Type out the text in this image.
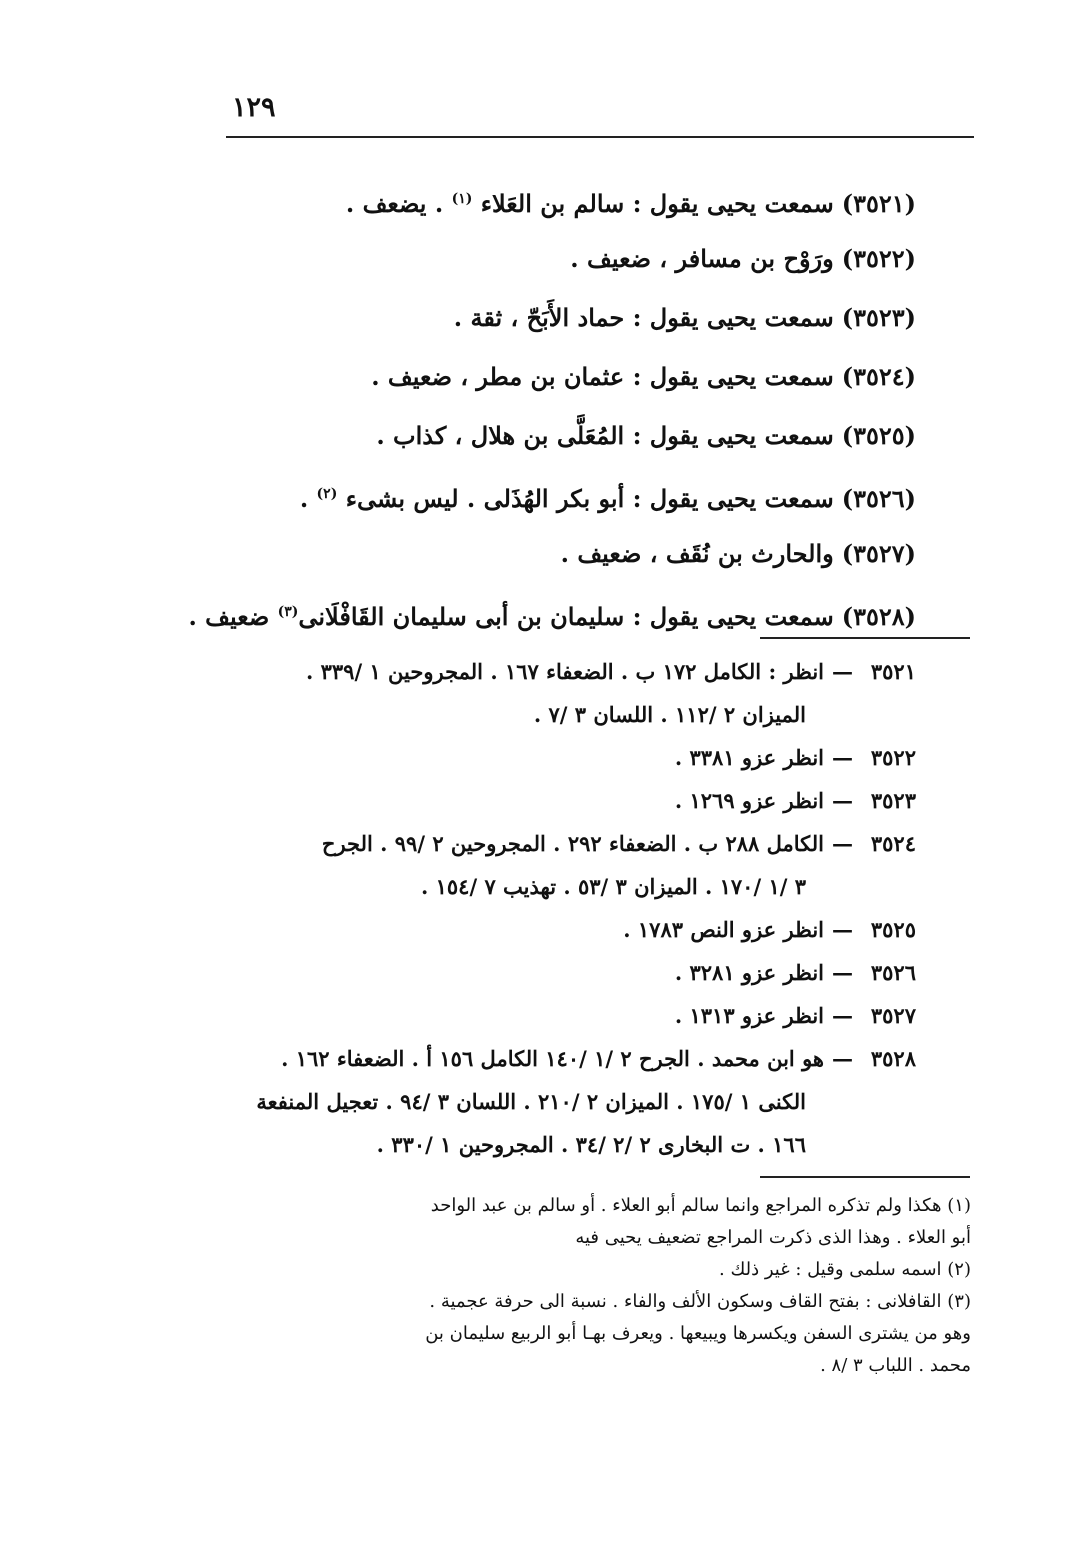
١٢٩
(٣٥٢١)سمعت يحيى يقول : سالم بن العَلاء $^{(١)}$ . يضعف .
(٣٥٢٢)ورَوْح بن مسافر ، ضعيف .
(٣٥٢٣)سمعت يحيى يقول : حماد الأَبَحّ ، ثقة .
(٣٥٢٤)سمعت يحيى يقول : عثمان بن مطر ، ضعيف .
(٣٥٢٥)سمعت يحيى يقول : المُعَلَّى بن هلال ، كذاب .
(٣٥٢٦)سمعت يحيى يقول : أبو بكر الهُذَلى . ليس بشىء $^{(٢)}$ .
(٣٥٢٧)والحارث بن نُقَف ، ضعيف .
(٣٥٢٨)سمعت يحيى يقول : سليمان بن أبى سليمان القَافْلَانى$^{(٣)}$ ضعيف .
٣٥٢١—انظر : الكامل ١٧٢ ب . الضعفاء ١٦٧ . المجروحين ١ /٣٣٩ .
الميزان ٢ /١١٢ . اللسان ٣ /٧ .
٣٥٢٢—انظر عزو ٣٣٨١ .
٣٥٢٣—انظر عزو ١٢٦٩ .
٣٥٢٤—الكامل ٢٨٨ ب . الضعفاء ٢٩٢ . المجروحين ٢ /٩٩ . الجرح
٣ /١ /١٧٠ . الميزان ٣ /٥٣ . تهذيب ٧ /١٥٤ .
٣٥٢٥—انظر عزو النص ١٧٨٣ .
٣٥٢٦—انظر عزو ٣٢٨١ .
٣٥٢٧—انظر عزو ١٣١٣ .
٣٥٢٨—هو ابن محمد . الجرح ٢ /١ /١٤٠ الكامل ١٥٦ أ . الضعفاء ١٦٢ .
الكنى ١ /١٧٥ . الميزان ٢ /٢١٠ . اللسان ٣ /٩٤ . تعجيل المنفعة
١٦٦ . ت البخارى ٢ /٢ /٣٤ . المجروحين ١ /٣٣٠ .
(١) هكذا ولم تذكره المراجع وانما سالم أبو العلاء . أو سالم بن عبد الواحد
أبو العلاء . وهذا الذى ذكرت المراجع تضعيف يحيى فيه
(٢) اسمه سلمى وقيل : غير ذلك .
(٣) القافلانى : بفتح القاف وسكون الألف والفاء . نسبة الى حرفة عجمية .
وهو من يشترى السفن ويكسرها ويبيعها . ويعرف بهـا أبو الربيع سليمان بن
محمد . اللباب ٣ /٨ .
